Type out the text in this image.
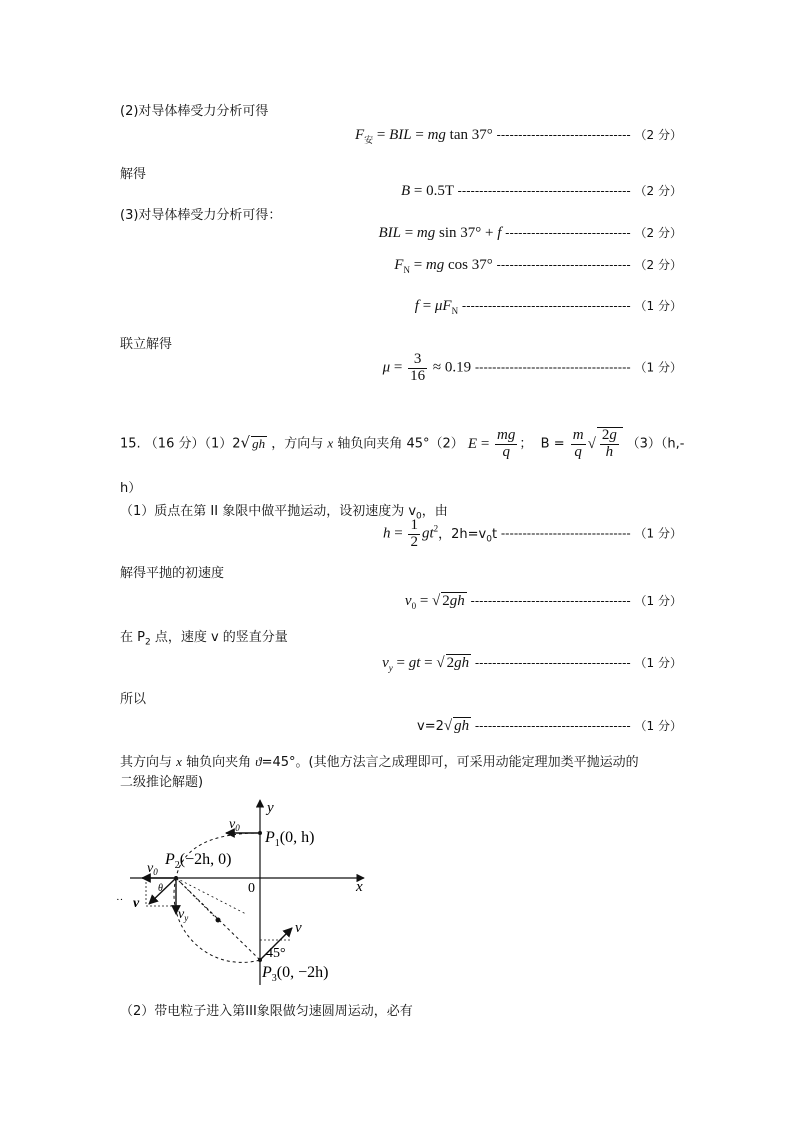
(2)对导体棒受力分析可得
$F_安$ = BIL = mg tan 37° ------------------------------- （2 分）
解得
B = 0.5T ---------------------------------------- （2 分）
(3)对导体棒受力分析可得：
BIL = mg sin 37° + f ----------------------------- （2 分）
$F_N$ = mg cos 37° ------------------------------- （2 分）
$f = \mu F_N$ --------------------------------------- （1 分）
联立解得
$\mu = \frac{3}{16} \approx 0.19$ ------------------------------------ （1 分）
15. （16 分）（1）2√ gh ，方向与 x 轴负向夹角 45°（2） $E = \frac{mg}{q}$ ；  $B = \frac{m}{q}$ √ $\frac{2g}{h} (3)(h,-$
h）
（1）质点在第 II 象限中做平抛运动，设初速度为 $v_0$，由
$h = \frac{1}{2} gt^2$，$2h=v_0t$ ------------------------------ （1 分）
解得平抛的初速度
$v_0$ = √ 2gh ------------------------------------- （1 分）
在 $P_2$ 点，速度 v 的竖直分量
$v_y$ = gt = √ 2gh ------------------------------------ （1 分）
所以
v=2√ gh ------------------------------------ （1 分）
其方向与 x 轴负向夹角 ϑ=45°。(其他方法言之成理即可，可采用动能定理加类平抛运动的
二级推论解题)
y
x
0
$v_0$
$P_1(0$, h)
$v_0$
$P_2(-2h$, 0)
$v_y$
θ
v
··
v
45°
$P_3(0$, −2h)
（2）带电粒子进入第III象限做匀速圆周运动，必有
